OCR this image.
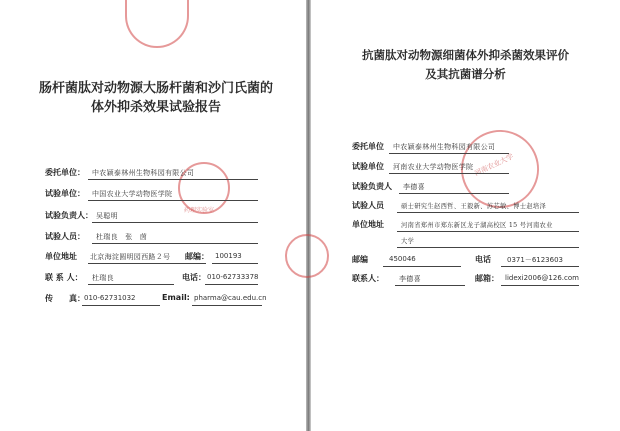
药理实验室
肠杆菌肽对动物源大肠杆菌和沙门氏菌的
体外抑杀效果试验报告
委托单位： 中农颖泰林州生物科园有限公司
试验单位： 中国农业大学动物医学院
试验负责人： 吴聪明
试验人员： 杜瑞良　张　茵
单位地址 北京海淀圆明园西路２号 邮编： 100193
联 系 人： 杜瑞良	电话： 010-62733378
传　　真： 010-62731032	Email: pharma@cau.edu.cn
河南农业大学
抗菌肽对动物源细菌体外抑杀菌效果评价
及其抗菌谱分析
委托单位 中农颖泰林州生物科园有限公司
试验单位 河南农业大学动物医学院
试验负责人 李德喜
试验人员	硕士研究生赵西哲、王毅新、苏芯敏、博士赵培泽
单位地址	河南省郑州市郑东新区龙子湖高校区 15 号河南农业
大学
邮编	450046	电话 0371－6123603
联系人： 李德喜	邮箱： lidexi2006@126.com
